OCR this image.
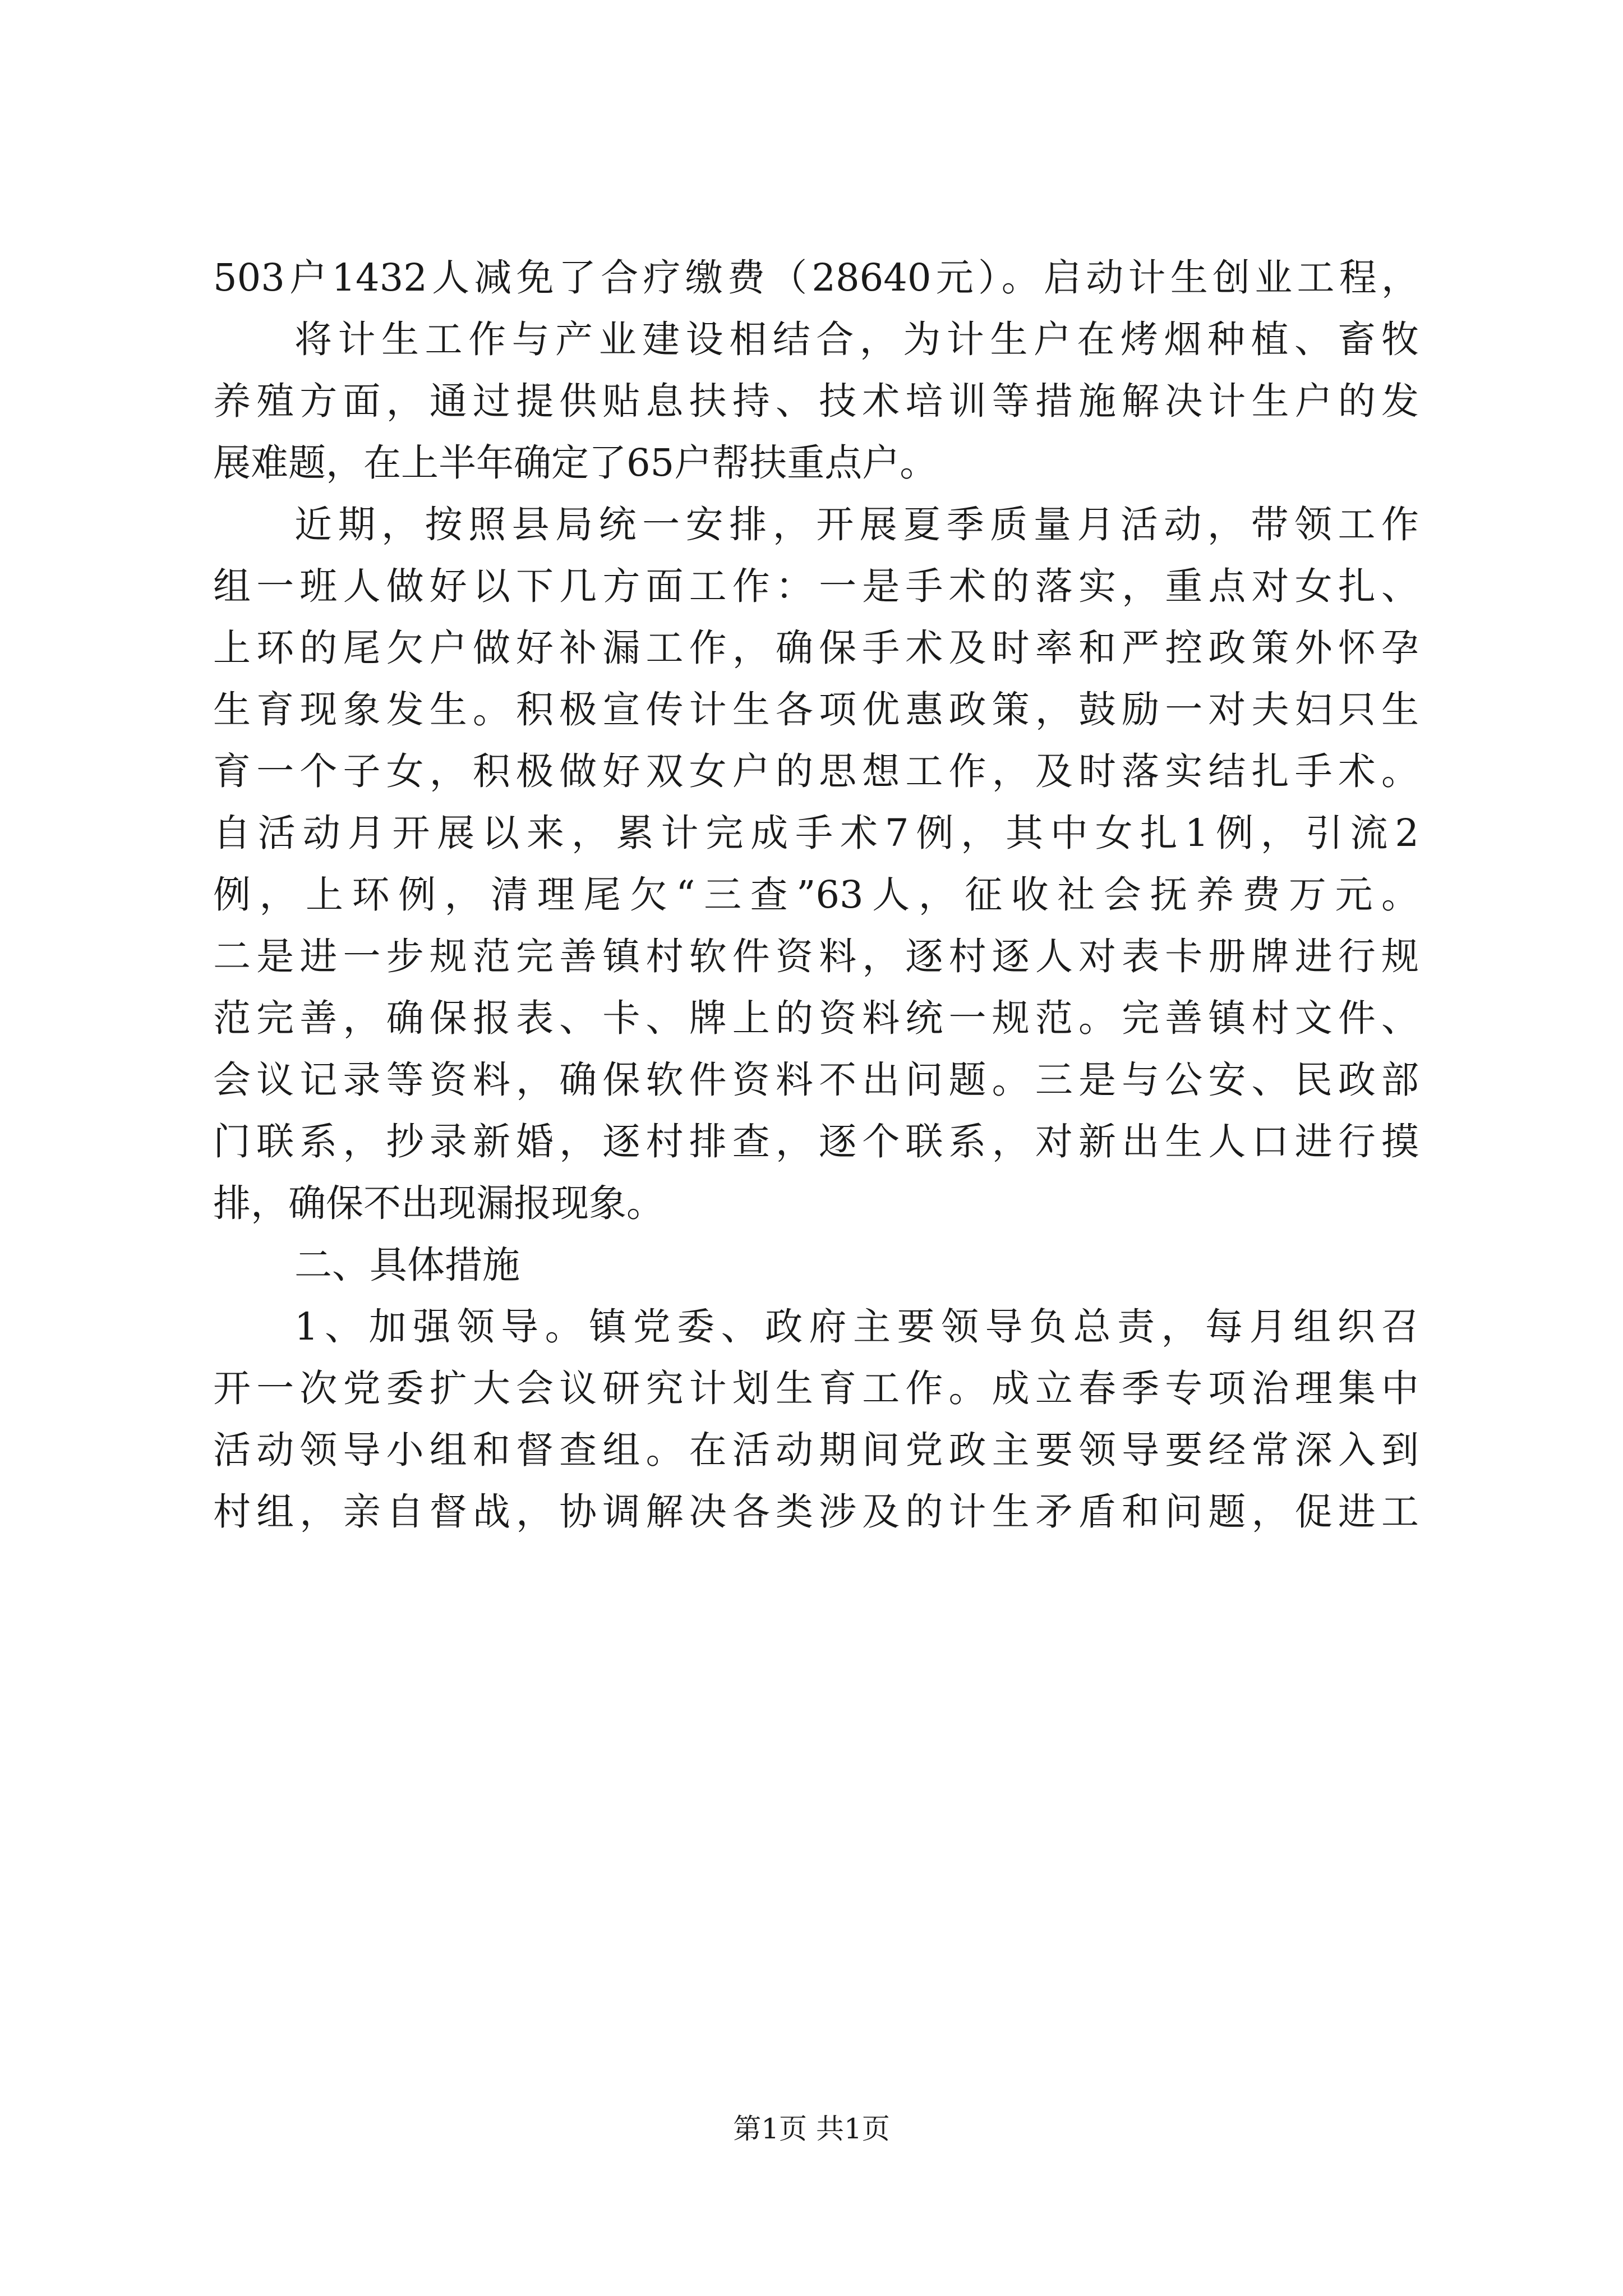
503户1432人减免了合疗缴费（28640元）。启动计生创业工程，
将计生工作与产业建设相结合，为计生户在烤烟种植、畜牧
养殖方面，通过提供贴息扶持、技术培训等措施解决计生户的发
展难题，在上半年确定了65户帮扶重点户。
近期，按照县局统一安排，开展夏季质量月活动，带领工作
组一班人做好以下几方面工作：一是手术的落实，重点对女扎、
上环的尾欠户做好补漏工作，确保手术及时率和严控政策外怀孕
生育现象发生。积极宣传计生各项优惠政策，鼓励一对夫妇只生
育一个子女，积极做好双女户的思想工作，及时落实结扎手术。
自活动月开展以来，累计完成手术7例，其中女扎1例，引流2
例，上环例，清理尾欠“三查”63人，征收社会抚养费万元。
二是进一步规范完善镇村软件资料，逐村逐人对表卡册牌进行规
范完善，确保报表、卡、牌上的资料统一规范。完善镇村文件、
会议记录等资料，确保软件资料不出问题。三是与公安、民政部
门联系，抄录新婚，逐村排查，逐个联系，对新出生人口进行摸
排，确保不出现漏报现象。
二、具体措施
1、加强领导。镇党委、政府主要领导负总责，每月组织召
开一次党委扩大会议研究计划生育工作。成立春季专项治理集中
活动领导小组和督查组。在活动期间党政主要领导要经常深入到
村组，亲自督战，协调解决各类涉及的计生矛盾和问题，促进工
第1页 共1页
